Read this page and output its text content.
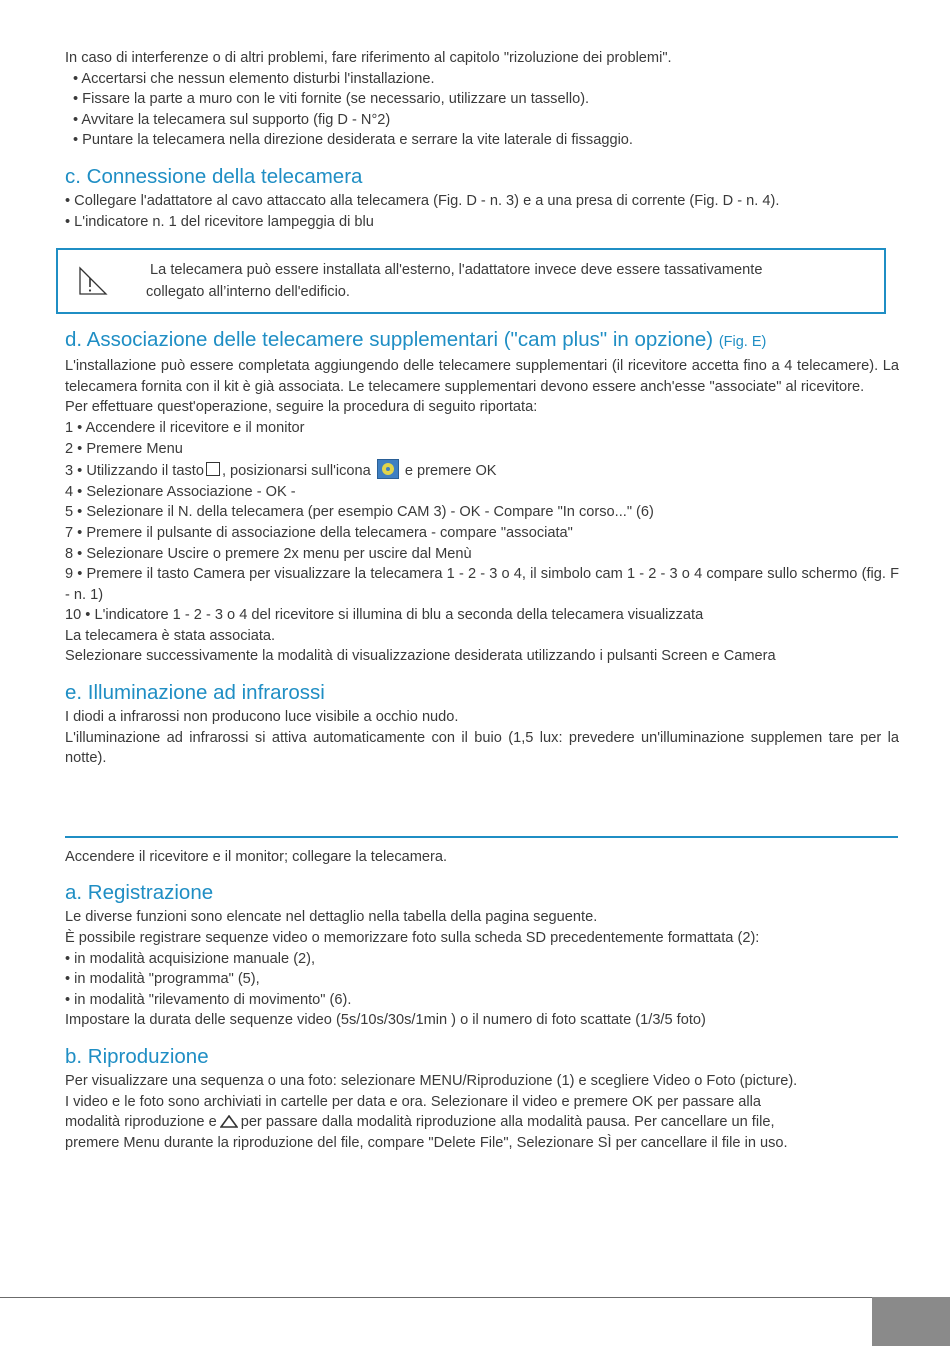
In caso di interferenze o di altri problemi, fare riferimento al capitolo "rizoluzione dei problemi".

• Accertarsi che nessun elemento disturbi l'installazione.

• Fissare la parte a muro con le viti fornite (se necessario, utilizzare un tassello).

• Avvitare la telecamera sul supporto (fig D - N°2)

• Puntare la telecamera nella direzione desiderata e serrare la vite laterale di fissaggio.

c. Connessione della telecamera

• Collegare l'adattatore al cavo attaccato alla telecamera (Fig. D - n. 3) e a una presa di corrente (Fig. D - n. 4).

• L'indicatore n. 1 del ricevitore lampeggia di blu

d. Associazione delle telecamere supplementari ("cam plus" in opzione) (Fig. E)

L'installazione può essere completata aggiungendo delle telecamere supplementari (il ricevitore accetta fino a 4 telecamere). La telecamera fornita con il kit è già associata. Le telecamere supplementari devono essere anch'esse "associate" al ricevitore.

Per effettuare quest'operazione, seguire la procedura di seguito riportata:

1 • Accendere il ricevitore e il monitor

2 • Premere Menu

3 • Utilizzando il tasto , posizionarsi sull'icona e premere OK

4 • Selezionare Associazione - OK -

5 • Selezionare il N. della telecamera (per esempio CAM 3) - OK - Compare "In corso..." (6)

7 • Premere il pulsante di associazione della telecamera - compare "associata"

8 • Selezionare Uscire o premere 2x menu per uscire dal Menù

9 • Premere il tasto Camera per visualizzare la telecamera 1 - 2 - 3 o 4, il simbolo cam 1 - 2 - 3 o 4 compare sullo schermo (fig. F - n. 1)

10 • L'indicatore 1 - 2 - 3 o 4 del ricevitore si illumina di blu a seconda della telecamera visualizzata

La telecamera è stata associata.

Selezionare successivamente la modalità di visualizzazione desiderata utilizzando i pulsanti Screen e Camera

e. Illuminazione ad infrarossi

I diodi a infrarossi non producono luce visibile a occhio nudo.

L'illuminazione ad infrarossi si attiva automaticamente con il buio (1,5 lux: prevedere un'illuminazione supplemen tare per la notte).

Accendere il ricevitore e il monitor; collegare la telecamera.

a. Registrazione

Le diverse funzioni sono elencate nel dettaglio nella tabella della pagina seguente.

È possibile registrare sequenze video o memorizzare foto sulla scheda SD precedentemente formattata (2):

• in modalità acquisizione manuale (2),

• in modalità "programma" (5),

• in modalità "rilevamento di movimento" (6).

Impostare la durata delle sequenze video (5s/10s/30s/1min ) o il numero di foto scattate (1/3/5 foto)

b. Riproduzione

Per visualizzare una sequenza o una foto: selezionare MENU/Riproduzione (1) e scegliere Video o Foto (picture).

I video e le foto sono archiviati in cartelle per data e ora. Selezionare il video e premere OK per passare alla

modalità riproduzione e per passare dalla modalità riproduzione alla modalità pausa. Per cancellare un file,

premere Menu durante la riproduzione del file, compare "Delete File", Selezionare SÌ per cancellare il file in uso.

La telecamera può essere installata all'esterno, l'adattatore invece deve essere tassativamente
collegato all’interno dell'edificio.
